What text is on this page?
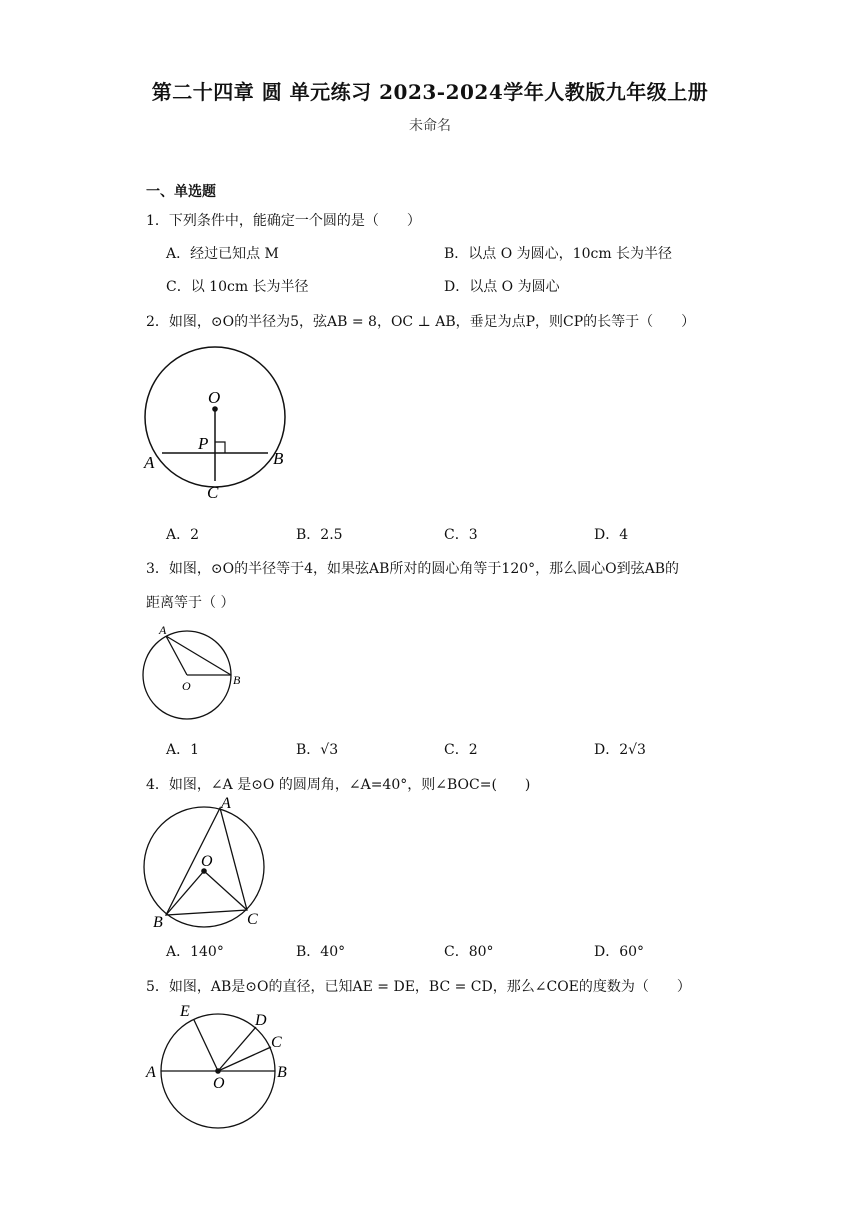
第二十四章 圆 单元练习 2023-2024学年人教版九年级上册
未命名
一、单选题
1．下列条件中，能确定一个圆的是（　　）
A．经过已知点 M	B．以点 O 为圆心，10cm 长为半径
C．以 10cm 长为半径	D．以点 O 为圆心
2．如图，⊙O的半径为5，弦AB = 8，OC ⊥ AB，垂足为点P，则CP的长等于（　　）
O
P
A	B
C
A．2	B．2.5	C．3	D．4
3．如图，⊙O的半径等于4，如果弦AB所对的圆心角等于120°，那么圆心O到弦AB的
距离等于（ ）
A
O	B
A．1	B．√3	C．2	D．2√3
4．如图，∠A 是⊙O 的圆周角，∠A=40°，则∠BOC=(　　)
A
O
B	C
A．140°	B．40°	C．80°	D．60°
5．如图，AB是⊙O的直径，已知AE = DE，BC = CD，那么∠COE的度数为（　　）
E
D
C
A
O
B
